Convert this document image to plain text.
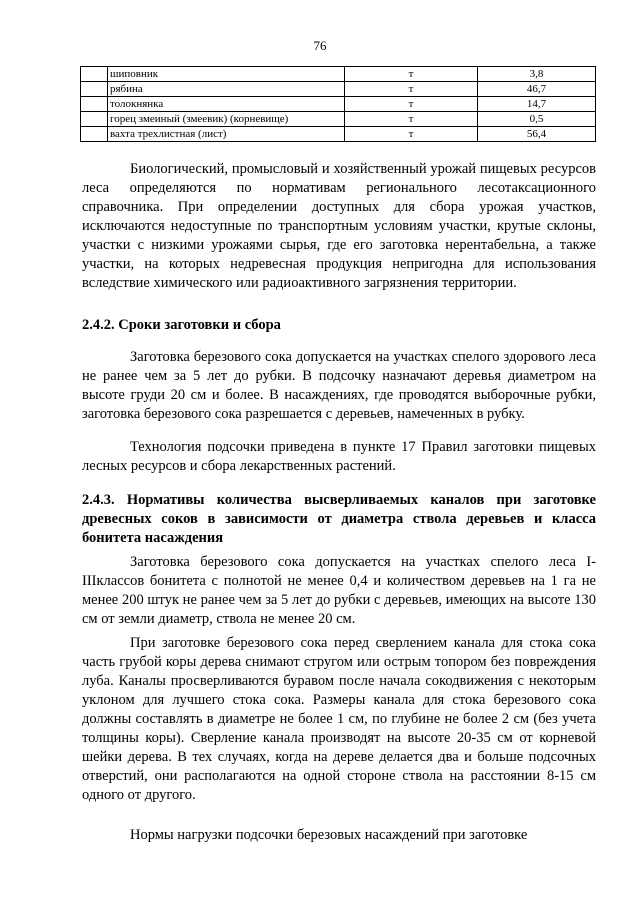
76
	шиповник	т	3,8
	рябина	т	46,7
	толокнянка	т	14,7
	горец змеиный (змеевик) (корневище)	т	0,5
	вахта трехлистная (лист)	т	56,4

Биологический, промысловый и хозяйственный урожай пищевых ресурсов леса определяются по нормативам регионального лесотаксационного справочника. При определении доступных для сбора урожая участков, исключаются недоступные по транспортным условиям участки, крутые склоны, участки с низкими урожаями сырья, где его заготовка нерентабельна, а также участки, на которых недревесная продукция непригодна для использования вследствие химического или радиоактивного загрязнения территории.

2.4.2. Сроки заготовки и сбора

Заготовка березового сока допускается на участках спелого здорового леса не ранее чем за 5 лет до рубки. В подсочку назначают деревья диаметром на высоте груди 20 см и более. В насаждениях, где проводятся выборочные рубки, заготовка березового сока разрешается с деревьев, намеченных в рубку.

Технология подсочки приведена в пункте 17 Правил заготовки пищевых лесных ресурсов и сбора лекарственных растений.

2.4.3. Нормативы количества высверливаемых каналов при заготовке древесных соков в зависимости от диаметра ствола деревьев и класса бонитета насаждения

Заготовка березового сока допускается на участках спелого леса I-IIIклассов бонитета с полнотой не менее 0,4 и количеством деревьев на 1 га не менее 200 штук не ранее чем за 5 лет до рубки с деревьев, имеющих на высоте 130 см от земли диаметр, ствола не менее 20 см.

При заготовке березового сока перед сверлением канала для стока сока часть грубой коры дерева снимают стругом или острым топором без повреждения луба. Каналы просверливаются буравом после начала сокодвижения с некоторым уклоном для лучшего стока сока. Размеры канала для стока березового сока должны составлять в диаметре не более 1 см, по глубине не более 2 см (без учета толщины коры). Сверление канала производят на высоте 20-35 см от корневой шейки дерева. В тех случаях, когда на дереве делается два и больше подсочных отверстий, они располагаются на одной стороне ствола на расстоянии 8-15 см одного от другого.

Нормы нагрузки подсочки березовых насаждений при заготовке
